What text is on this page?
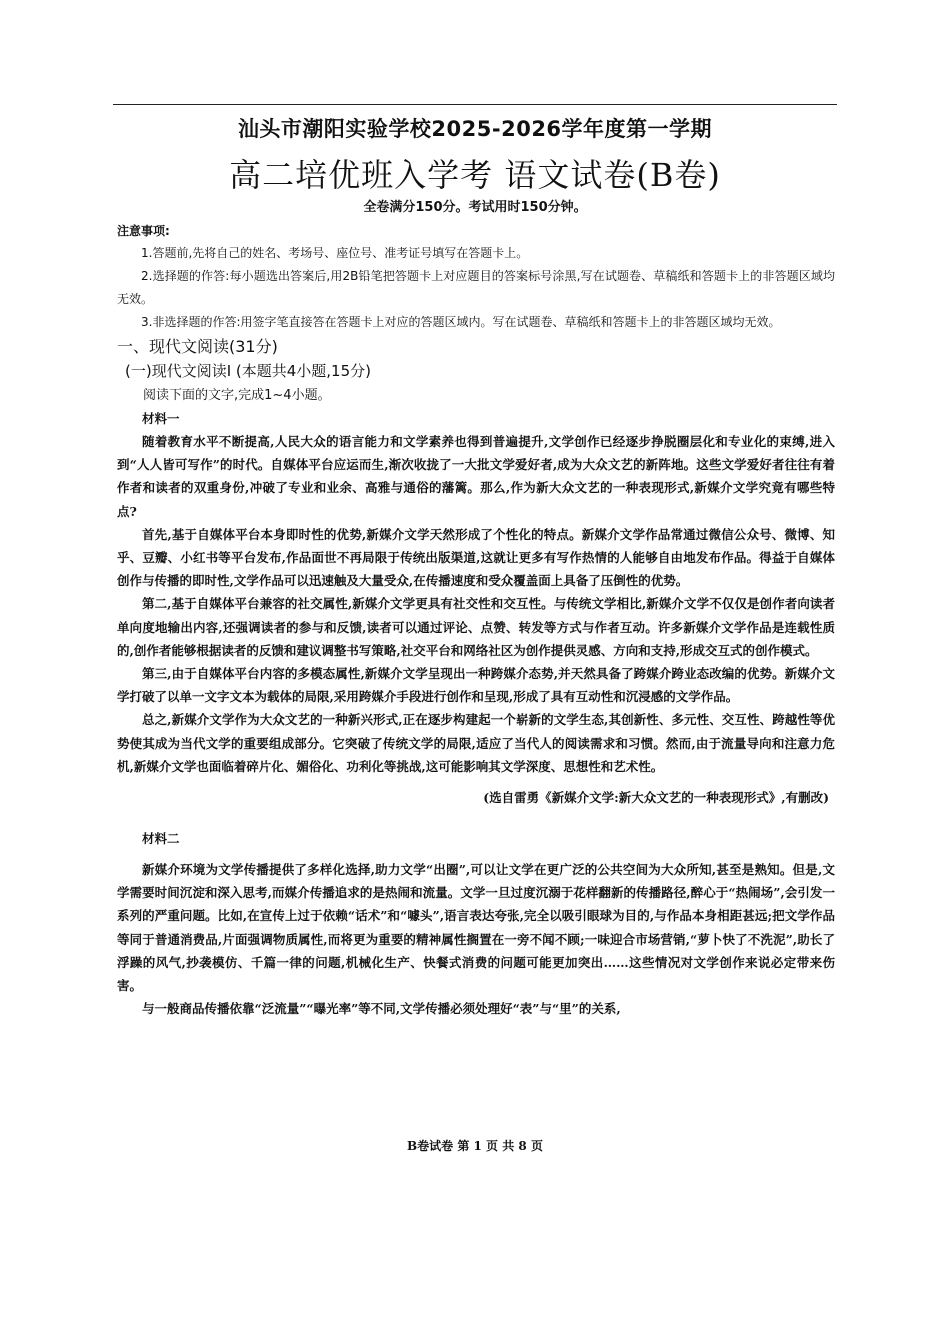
汕头市潮阳实验学校2025-2026学年度第一学期
高二培优班入学考 语文试卷(B卷)
全卷满分150分。考试用时150分钟。

注意事项:

1.答题前,先将自己的姓名、考场号、座位号、准考证号填写在答题卡上。

2.选择题的作答:每小题选出答案后,用2B铅笔把答题卡上对应题目的答案标号涂黑,写在试题卷、草稿纸和答题卡上的非答题区域均无效。

3.非选择题的作答:用签字笔直接答在答题卡上对应的答题区域内。写在试题卷、草稿纸和答题卡上的非答题区域均无效。

一、现代文阅读(31分)

(一)现代文阅读Ⅰ (本题共4小题,15分)

阅读下面的文字,完成1~4小题。

材料一

随着教育水平不断提高,人民大众的语言能力和文学素养也得到普遍提升,文学创作已经逐步挣脱圈层化和专业化的束缚,进入到“人人皆可写作”的时代。自媒体平台应运而生,渐次收拢了一大批文学爱好者,成为大众文艺的新阵地。这些文学爱好者往往有着作者和读者的双重身份,冲破了专业和业余、高雅与通俗的藩篱。那么,作为新大众文艺的一种表现形式,新媒介文学究竟有哪些特点?

首先,基于自媒体平台本身即时性的优势,新媒介文学天然形成了个性化的特点。新媒介文学作品常通过微信公众号、微博、知乎、豆瓣、小红书等平台发布,作品面世不再局限于传统出版渠道,这就让更多有写作热情的人能够自由地发布作品。得益于自媒体创作与传播的即时性,文学作品可以迅速触及大量受众,在传播速度和受众覆盖面上具备了压倒性的优势。

第二,基于自媒体平台兼容的社交属性,新媒介文学更具有社交性和交互性。与传统文学相比,新媒介文学不仅仅是创作者向读者单向度地输出内容,还强调读者的参与和反馈,读者可以通过评论、点赞、转发等方式与作者互动。许多新媒介文学作品是连载性质的,创作者能够根据读者的反馈和建议调整书写策略,社交平台和网络社区为创作提供灵感、方向和支持,形成交互式的创作模式。

第三,由于自媒体平台内容的多模态属性,新媒介文学呈现出一种跨媒介态势,并天然具备了跨媒介跨业态改编的优势。新媒介文学打破了以单一文字文本为载体的局限,采用跨媒介手段进行创作和呈现,形成了具有互动性和沉浸感的文学作品。

总之,新媒介文学作为大众文艺的一种新兴形式,正在逐步构建起一个崭新的文学生态,其创新性、多元性、交互性、跨越性等优势使其成为当代文学的重要组成部分。它突破了传统文学的局限,适应了当代人的阅读需求和习惯。然而,由于流量导向和注意力危机,新媒介文学也面临着碎片化、媚俗化、功利化等挑战,这可能影响其文学深度、思想性和艺术性。

(选自雷勇《新媒介文学:新大众文艺的一种表现形式》,有删改)

材料二

新媒介环境为文学传播提供了多样化选择,助力文学“出圈”,可以让文学在更广泛的公共空间为大众所知,甚至是熟知。但是,文学需要时间沉淀和深入思考,而媒介传播追求的是热闹和流量。文学一旦过度沉溺于花样翻新的传播路径,醉心于“热闹场”,会引发一系列的严重问题。比如,在宣传上过于依赖“话术”和“噱头”,语言表达夸张,完全以吸引眼球为目的,与作品本身相距甚远;把文学作品等同于普通消费品,片面强调物质属性,而将更为重要的精神属性搁置在一旁不闻不顾;一味迎合市场营销,“萝卜快了不洗泥”,助长了浮躁的风气,抄袭模仿、千篇一律的问题,机械化生产、快餐式消费的问题可能更加突出……这些情况对文学创作来说必定带来伤害。

与一般商品传播依靠“泛流量”“曝光率”等不同,文学传播必须处理好“表”与“里”的关系,

B卷试卷 第 1 页 共 8 页
